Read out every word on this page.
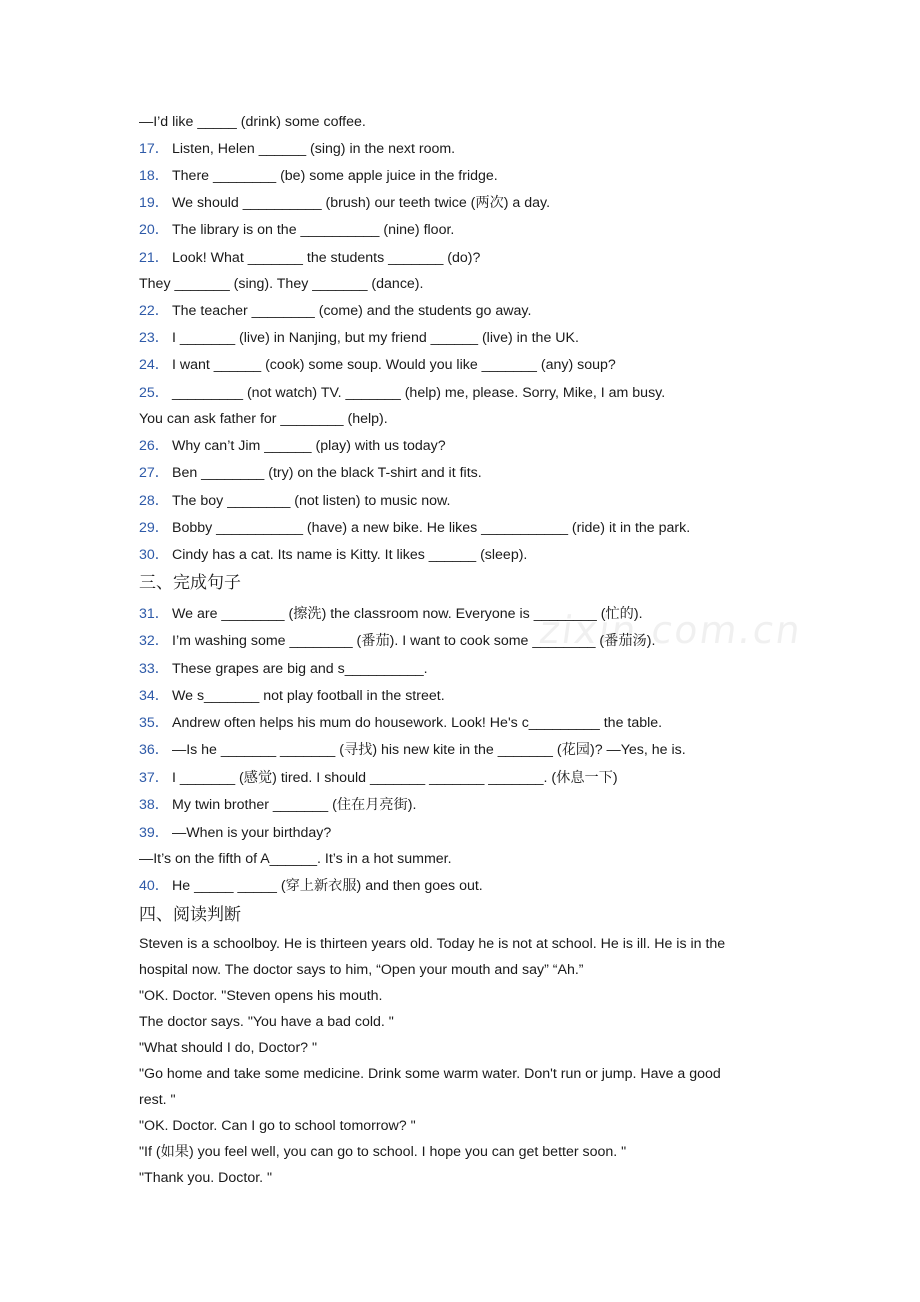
zixin.com.cn
—I’d like _____ (drink) some coffee.
17． Listen, Helen ______ (sing) in the next room.
18． There ________ (be) some apple juice in the fridge.
19． We should __________ (brush) our teeth twice (两次) a day.
20． The library is on the __________ (nine) floor.
21． Look! What _______ the students _______ (do)?
They _______ (sing). They _______ (dance).
22． The teacher ________ (come) and the students go away.
23． I _______ (live) in Nanjing, but my friend ______ (live) in the UK.
24． I want ______ (cook) some soup. Would you like _______ (any) soup?
25． _________ (not watch) TV. _______ (help) me, please. Sorry, Mike, I am busy.
You can ask father for ________ (help).
26． Why can’t Jim ______ (play) with us today?
27． Ben ________ (try) on the black T-shirt and it fits.
28． The boy ________ (not listen) to music now.
29． Bobby ___________ (have) a new bike. He likes ___________ (ride) it in the park.
30． Cindy has a cat. Its name is Kitty. It likes ______ (sleep).
三、完成句子
31． We are ________ (擦洗) the classroom now. Everyone is ________ (忙的).
32． I’m washing some ________ (番茄). I want to cook some ________ (番茄汤).
33． These grapes are big and s__________.
34． We s_______ not play football in the street.
35． Andrew often helps his mum do housework. Look! He's c_________ the table.
36． —Is he _______ _______ (寻找) his new kite in the _______ (花园)? —Yes, he is.
37． I _______ (感觉) tired. I should _______ _______ _______. (休息一下)
38． My twin brother _______ (住在月亮街).
39． —When is your birthday?
—It’s on the fifth of A______. It’s in a hot summer.
40． He _____ _____ (穿上新衣服) and then goes out.
四、阅读判断
Steven is a schoolboy. He is thirteen years old. Today he is not at school. He is ill. He is in the
hospital now. The doctor says to him, “Open your mouth and say” “Ah.”
"OK. Doctor. "Steven opens his mouth.
The doctor says. "You have a bad cold. "
"What should I do, Doctor? "
"Go home and take some medicine. Drink some warm water. Don't run or jump. Have a good
rest. "
"OK. Doctor. Can I go to school tomorrow? "
"If (如果) you feel well, you can go to school. I hope you can get better soon. "
"Thank you. Doctor. "
